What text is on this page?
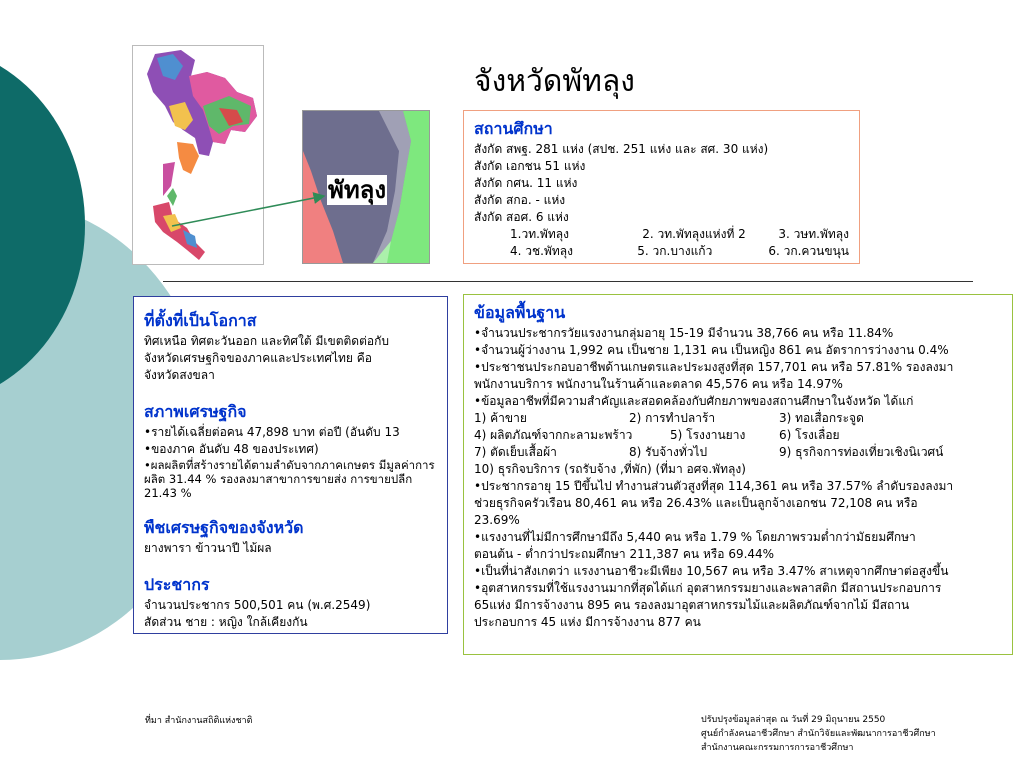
พัทลุง
จังหวัดพัทลุง
สถานศึกษา
สังกัด สพฐ. 281 แห่ง (สปช. 251 แห่ง และ สศ. 30 แห่ง)
สังกัด เอกชน 51 แห่ง
สังกัด กศน. 11 แห่ง
สังกัด สกอ. - แห่ง
สังกัด สอศ. 6 แห่ง
1.วท.พัทลุง	2. วท.พัทลุงแห่งที่ 2	3. วษท.พัทลุง
4. วช.พัทลุง	5. วก.บางแก้ว	6. วก.ควนขนุน
ที่ตั้งที่เป็นโอกาส
ทิศเหนือ ทิศตะวันออก และทิศใต้ มีเขตติดต่อกับ
จังหวัดเศรษฐกิจของภาคและประเทศไทย คือ
จังหวัดสงขลา
สภาพเศรษฐกิจ
•รายได้เฉลี่ยต่อคน 47,898 บาท ต่อปี (อันดับ 13
•ของภาค อันดับ 48 ของประเทศ)
•ผลผลิตที่สร้างรายได้ตามลำดับจากภาคเกษตร มีมูลค่าการผลิต 31.44 % รองลงมาสาขาการขายส่ง การขายปลีก 21.43 %
พืชเศรษฐกิจของจังหวัด
ยางพารา ข้าวนาปี ไม้ผล
ประชากร
จำนวนประชากร 500,501 คน (พ.ศ.2549)
สัดส่วน ชาย : หญิง ใกล้เคียงกัน
ข้อมูลพื้นฐาน
•จำนวนประชากรวัยแรงงานกลุ่มอายุ 15-19 มีจำนวน 38,766 คน หรือ 11.84%
•จำนวนผู้ว่างงาน 1,992 คน เป็นชาย 1,131 คน เป็นหญิง 861 คน อัตราการว่างงาน 0.4%
•ประชาชนประกอบอาชีพด้านเกษตรและประมงสูงที่สุด 157,701 คน หรือ 57.81% รองลงมา
พนักงานบริการ พนักงานในร้านค้าและตลาด 45,576 คน หรือ 14.97%
•ข้อมูลอาชีพที่มีความสำคัญและสอดคล้องกับศักยภาพของสถานศึกษาในจังหวัด ได้แก่
1) ค้าขาย	2) การทำปลาร้า	3) ทอเสื่อกระจูด
4) ผลิตภัณฑ์จากกะลามะพร้าว	5) โรงงานยาง	6) โรงเลื่อย
7) ตัดเย็บเสื้อผ้า	8) รับจ้างทั่วไป	9) ธุรกิจการท่องเที่ยวเชิงนิเวศน์
10) ธุรกิจบริการ (รถรับจ้าง ,ที่พัก) (ที่มา อศจ.พัทลุง)
•ประชากรอายุ 15 ปีขึ้นไป ทำงานส่วนตัวสูงที่สุด 114,361 คน หรือ 37.57% ลำดับรองลงมา
ช่วยธุรกิจครัวเรือน 80,461 คน หรือ 26.43% และเป็นลูกจ้างเอกชน 72,108 คน หรือ
23.69%
•แรงงานที่ไม่มีการศึกษามีถึง 5,440 คน หรือ 1.79 % โดยภาพรวมต่ำกว่ามัธยมศึกษา
ตอนต้น - ต่ำกว่าประถมศึกษา 211,387 คน หรือ 69.44%
•เป็นที่น่าสังเกตว่า แรงงานอาชีวะมีเพียง 10,567 คน หรือ 3.47% สาเหตุจากศึกษาต่อสูงขึ้น
•อุตสาหกรรมที่ใช้แรงงานมากที่สุดได้แก่ อุตสาหกรรมยางและพลาสติก มีสถานประกอบการ
65แห่ง มีการจ้างงาน 895 คน รองลงมาอุตสาหกรรมไม้และผลิตภัณฑ์จากไม้ มีสถาน
ประกอบการ 45 แห่ง มีการจ้างงาน 877 คน
ที่มา สำนักงานสถิติแห่งชาติ	ปรับปรุงข้อมูลล่าสุด ณ วันที่ 29 มิถุนายน 2550
ศูนย์กำลังคนอาชีวศึกษา สำนักวิจัยและพัฒนาการอาชีวศึกษา
สำนักงานคณะกรรมการการอาชีวศึกษา
